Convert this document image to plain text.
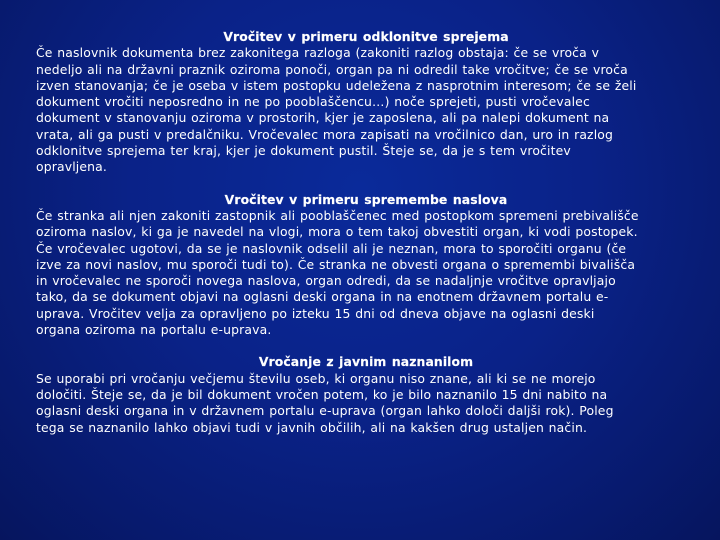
Vročitev v primeru odklonitve sprejema
Če naslovnik dokumenta brez zakonitega razloga (zakoniti razlog obstaja: če se vroča v
nedeljo ali na državni praznik oziroma ponoči, organ pa ni odredil take vročitve; če se vroča
izven stanovanja; če je oseba v istem postopku udeležena z nasprotnim interesom; če se želi
dokument vročiti neposredno in ne po pooblaščencu…) noče sprejeti, pusti vročevalec
dokument v stanovanju oziroma v prostorih, kjer je zaposlena, ali pa nalepi dokument na
vrata, ali ga pusti v predalčniku. Vročevalec mora zapisati na vročilnico dan, uro in razlog
odklonitve sprejema ter kraj, kjer je dokument pustil. Šteje se, da je s tem vročitev
opravljena.
Vročitev v primeru spremembe naslova
Če stranka ali njen zakoniti zastopnik ali pooblaščenec med postopkom spremeni prebivališče
oziroma naslov, ki ga je navedel na vlogi, mora o tem takoj obvestiti organ, ki vodi postopek.
Če vročevalec ugotovi, da se je naslovnik odselil ali je neznan, mora to sporočiti organu (če
izve za novi naslov, mu sporoči tudi to). Če stranka ne obvesti organa o spremembi bivališča
in vročevalec ne sporoči novega naslova, organ odredi, da se nadaljnje vročitve opravljajo
tako, da se dokument objavi na oglasni deski organa in na enotnem državnem portalu e-
uprava. Vročitev velja za opravljeno po izteku 15 dni od dneva objave na oglasni deski
organa oziroma na portalu e-uprava.
Vročanje z javnim naznanilom
Se uporabi pri vročanju večjemu številu oseb, ki organu niso znane, ali ki se ne morejo
določiti. Šteje se, da je bil dokument vročen potem, ko je bilo naznanilo 15 dni nabito na
oglasni deski organa in v državnem portalu e-uprava (organ lahko določi daljši rok). Poleg
tega se naznanilo lahko objavi tudi v javnih občilih, ali na kakšen drug ustaljen način.
